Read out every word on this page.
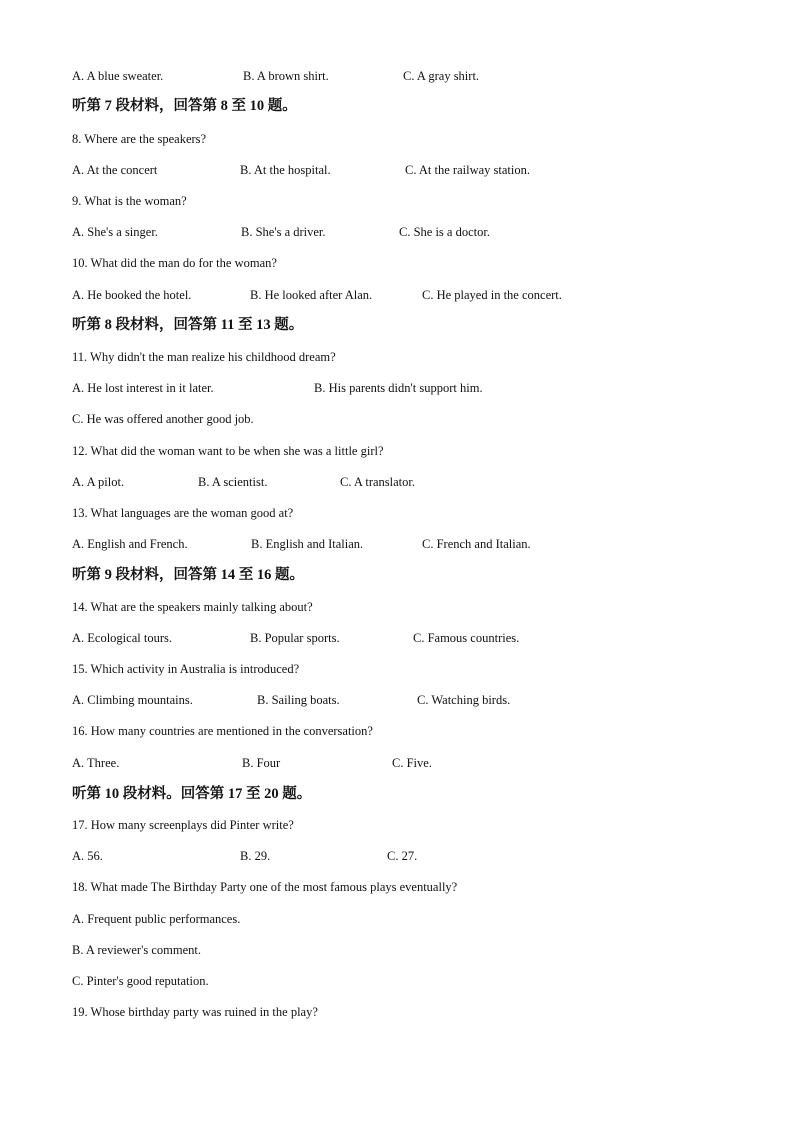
A. A blue sweater.	B. A brown shirt.	C. A gray shirt.
听第 7 段材料，回答第 8 至 10 题。
8. Where are the speakers?
A. At the concert	B. At the hospital.	C. At the railway station.
9. What is the woman?
A. She's a singer.	B. She's a driver.	C. She is a doctor.
10. What did the man do for the woman?
A. He booked the hotel.	B. He looked after Alan.	C. He played in the concert.
听第 8 段材料，回答第 11 至 13 题。
11. Why didn't the man realize his childhood dream?
A. He lost interest in it later.	B. His parents didn't support him.
C. He was offered another good job.
12. What did the woman want to be when she was a little girl?
A. A pilot.	B. A scientist.	C. A translator.
13. What languages are the woman good at?
A. English and French.	B. English and Italian.	C. French and Italian.
听第 9 段材料，回答第 14 至 16 题。
14. What are the speakers mainly talking about?
A. Ecological tours.	B. Popular sports.	C. Famous countries.
15. Which activity in Australia is introduced?
A. Climbing mountains.	B. Sailing boats.	C. Watching birds.
16. How many countries are mentioned in the conversation?
A. Three.	B. Four	C. Five.
听第 10 段材料。回答第 17 至 20 题。
17. How many screenplays did Pinter write?
A. 56.	B. 29.	C. 27.
18. What made The Birthday Party one of the most famous plays eventually?
A. Frequent public performances.
B. A reviewer's comment.
C. Pinter's good reputation.
19. Whose birthday party was ruined in the play?
